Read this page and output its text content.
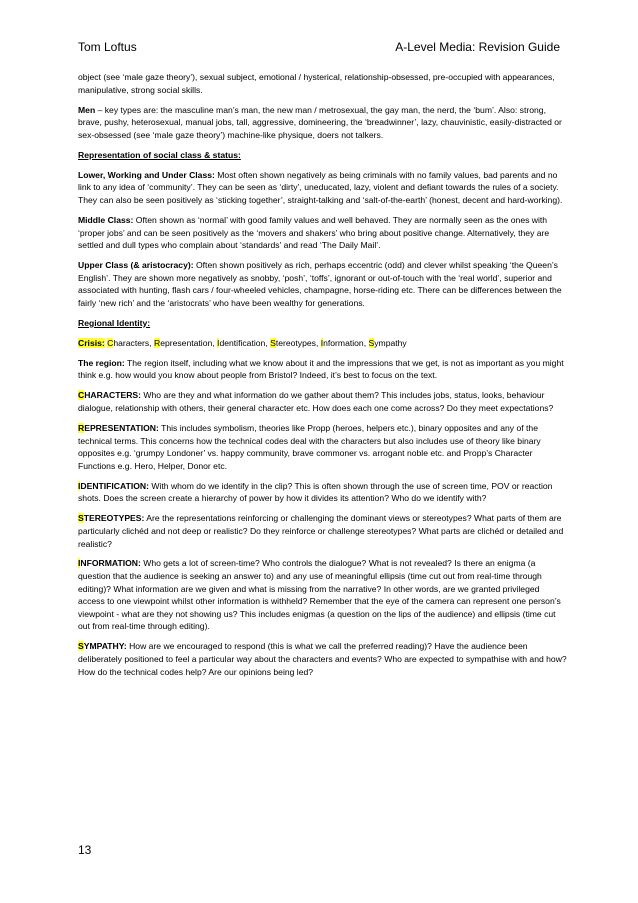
Tom Loftus	A-Level Media: Revision Guide

object (see ‘male gaze theory’), sexual subject, emotional / hysterical, relationship-obsessed, pre-occupied with appearances, manipulative, strong social skills.

Men – key types are: the masculine man’s man, the new man / metrosexual, the gay man, the nerd, the ‘bum’. Also: strong, brave, pushy, heterosexual, manual jobs, tall, aggressive, domineering, the ‘breadwinner’, lazy, chauvinistic, easily-distracted or sex-obsessed (see ‘male gaze theory’) machine-like physique, doers not talkers.

Representation of social class & status:

Lower, Working and Under Class: Most often shown negatively as being criminals with no family values, bad parents and no link to any idea of ‘community’. They can be seen as ‘dirty’, uneducated, lazy, violent and defiant towards the rules of a society. They can also be seen positively as ‘sticking together’, straight-talking and ‘salt-of-the-earth’ (honest, decent and hard-working).

Middle Class: Often shown as ‘normal’ with good family values and well behaved. They are normally seen as the ones with ‘proper jobs’ and can be seen positively as the ‘movers and shakers’ who bring about positive change. Alternatively, they are settled and dull types who complain about ‘standards’ and read ‘The Daily Mail’.

Upper Class (& aristocracy): Often shown positively as rich, perhaps eccentric (odd) and clever whilst speaking ‘the Queen’s English’. They are shown more negatively as snobby, ‘posh’, ‘toffs’, ignorant or out-of-touch with the ‘real world’, superior and associated with hunting, flash cars / four-wheeled vehicles, champagne, horse-riding etc. There can be differences between the fairly ‘new rich’ and the ‘aristocrats’ who have been wealthy for generations.

Regional Identity:

Crisis: Characters, Representation, Identification, Stereotypes, Information, Sympathy

The region: The region itself, including what we know about it and the impressions that we get, is not as important as you might think e.g. how would you know about people from Bristol? Indeed, it’s best to focus on the text.

CHARACTERS: Who are they and what information do we gather about them? This includes jobs, status, looks, behaviour dialogue, relationship with others, their general character etc. How does each one come across? Do they meet expectations?

REPRESENTATION: This includes symbolism, theories like Propp (heroes, helpers etc.), binary opposites and any of the technical terms. This concerns how the technical codes deal with the characters but also includes use of theory like binary opposites e.g. ‘grumpy Londoner’ vs. happy community, brave commoner vs. arrogant noble etc. and Propp’s Character Functions e.g. Hero, Helper, Donor etc.

IDENTIFICATION: With whom do we identify in the clip? This is often shown through the use of screen time, POV or reaction shots. Does the screen create a hierarchy of power by how it divides its attention? Who do we identify with?

STEREOTYPES: Are the representations reinforcing or challenging the dominant views or stereotypes? What parts of them are particularly clichéd and not deep or realistic? Do they reinforce or challenge stereotypes? What parts are clichéd or detailed and realistic?

INFORMATION: Who gets a lot of screen-time? Who controls the dialogue? What is not revealed? Is there an enigma (a question that the audience is seeking an answer to) and any use of meaningful ellipsis (time cut out from real-time through editing)? What information are we given and what is missing from the narrative? In other words, are we granted privileged access to one viewpoint whilst other information is withheld? Remember that the eye of the camera can represent one person’s viewpoint - what are they not showing us? This includes enigmas (a question on the lips of the audience) and ellipsis (time cut out from real-time through editing).

SYMPATHY: How are we encouraged to respond (this is what we call the preferred reading)? Have the audience been deliberately positioned to feel a particular way about the characters and events? Who are expected to sympathise with and how? How do the technical codes help? Are our opinions being led?

13
